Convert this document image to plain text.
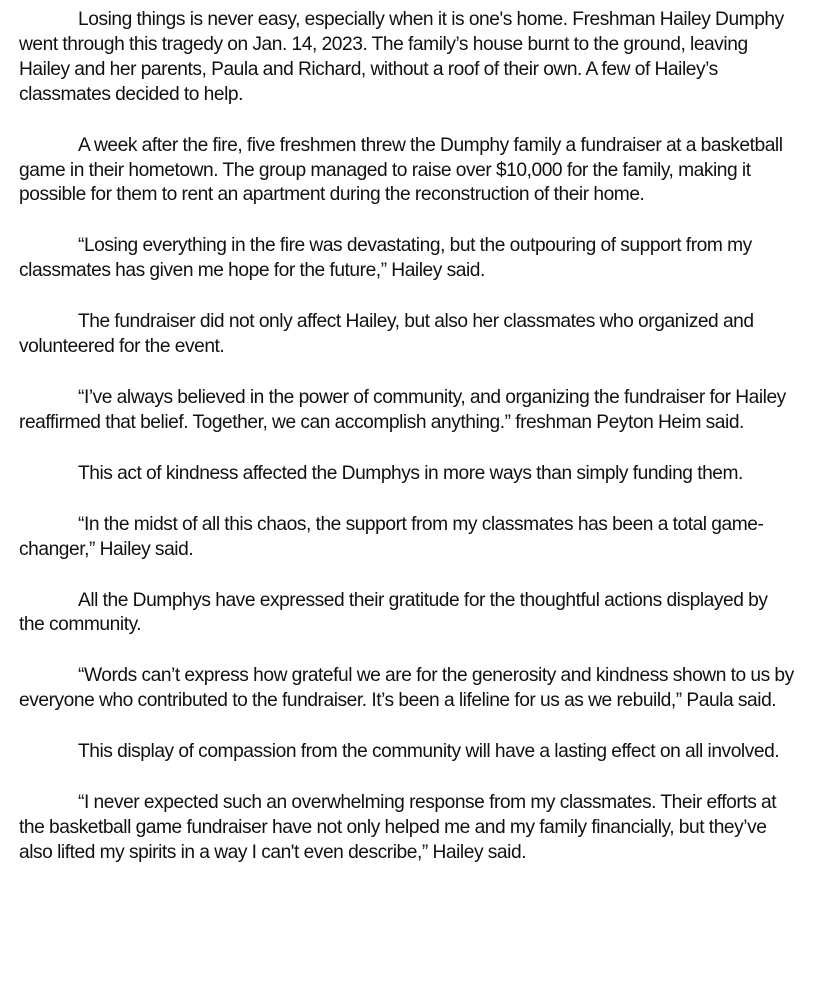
Losing things is never easy, especially when it is one's home. Freshman Hailey Dumphy went through this tragedy on Jan. 14, 2023. The family’s house burnt to the ground, leaving Hailey and her parents, Paula and Richard, without a roof of their own. A few of Hailey’s classmates decided to help.

A week after the fire, five freshmen threw the Dumphy family a fundraiser at a basketball game in their hometown. The group managed to raise over $10,000 for the family, making it possible for them to rent an apartment during the reconstruction of their home.

“Losing everything in the fire was devastating, but the outpouring of support from my classmates has given me hope for the future,” Hailey said.

The fundraiser did not only affect Hailey, but also her classmates who organized and volunteered for the event.

“I’ve always believed in the power of community, and organizing the fundraiser for Hailey reaffirmed that belief. Together, we can accomplish anything.” freshman Peyton Heim said.

This act of kindness affected the Dumphys in more ways than simply funding them.

“In the midst of all this chaos, the support from my classmates has been a total game-changer,” Hailey said.

All the Dumphys have expressed their gratitude for the thoughtful actions displayed by the community.

“Words can’t express how grateful we are for the generosity and kindness shown to us by everyone who contributed to the fundraiser. It’s been a lifeline for us as we rebuild,” Paula said.

This display of compassion from the community will have a lasting effect on all involved.

“I never expected such an overwhelming response from my classmates. Their efforts at the basketball game fundraiser have not only helped me and my family financially, but they’ve also lifted my spirits in a way I can't even describe,” Hailey said.
